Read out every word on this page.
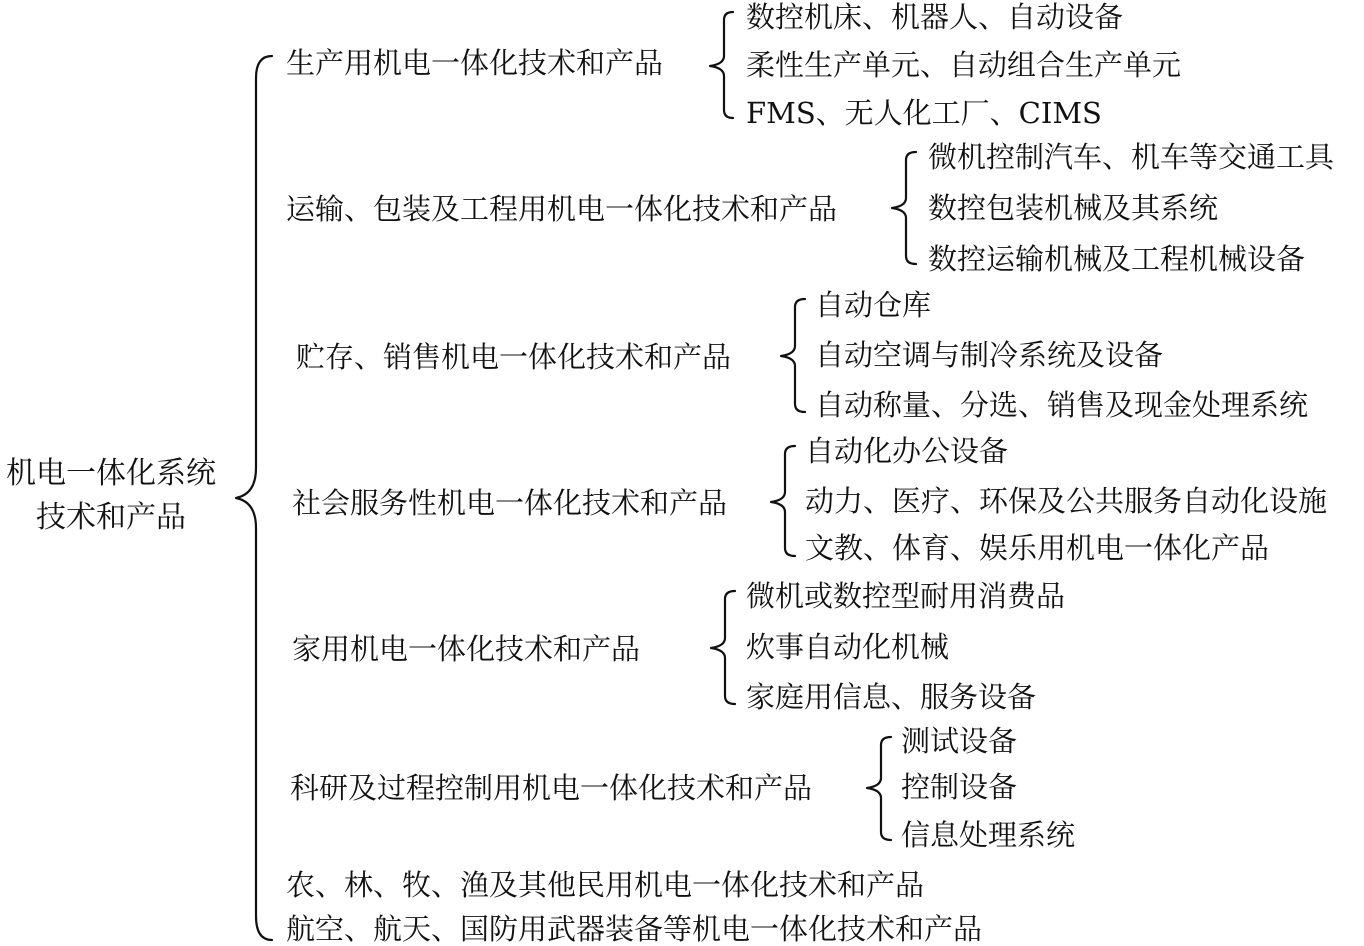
机电一体化系统
技术和产品
生产用机电一体化技术和产品
数控机床、机器人、自动设备
柔性生产单元、自动组合生产单元
FMS、无人化工厂、CIMS
运输、包装及工程用机电一体化技术和产品
微机控制汽车、机车等交通工具
数控包装机械及其系统
数控运输机械及工程机械设备
贮存、销售机电一体化技术和产品
自动仓库
自动空调与制冷系统及设备
自动称量、分选、销售及现金处理系统
社会服务性机电一体化技术和产品
自动化办公设备
动力、医疗、环保及公共服务自动化设施
文教、体育、娱乐用机电一体化产品
家用机电一体化技术和产品
微机或数控型耐用消费品
炊事自动化机械
家庭用信息、服务设备
科研及过程控制用机电一体化技术和产品
测试设备
控制设备
信息处理系统
农、林、牧、渔及其他民用机电一体化技术和产品
航空、航天、国防用武器装备等机电一体化技术和产品
